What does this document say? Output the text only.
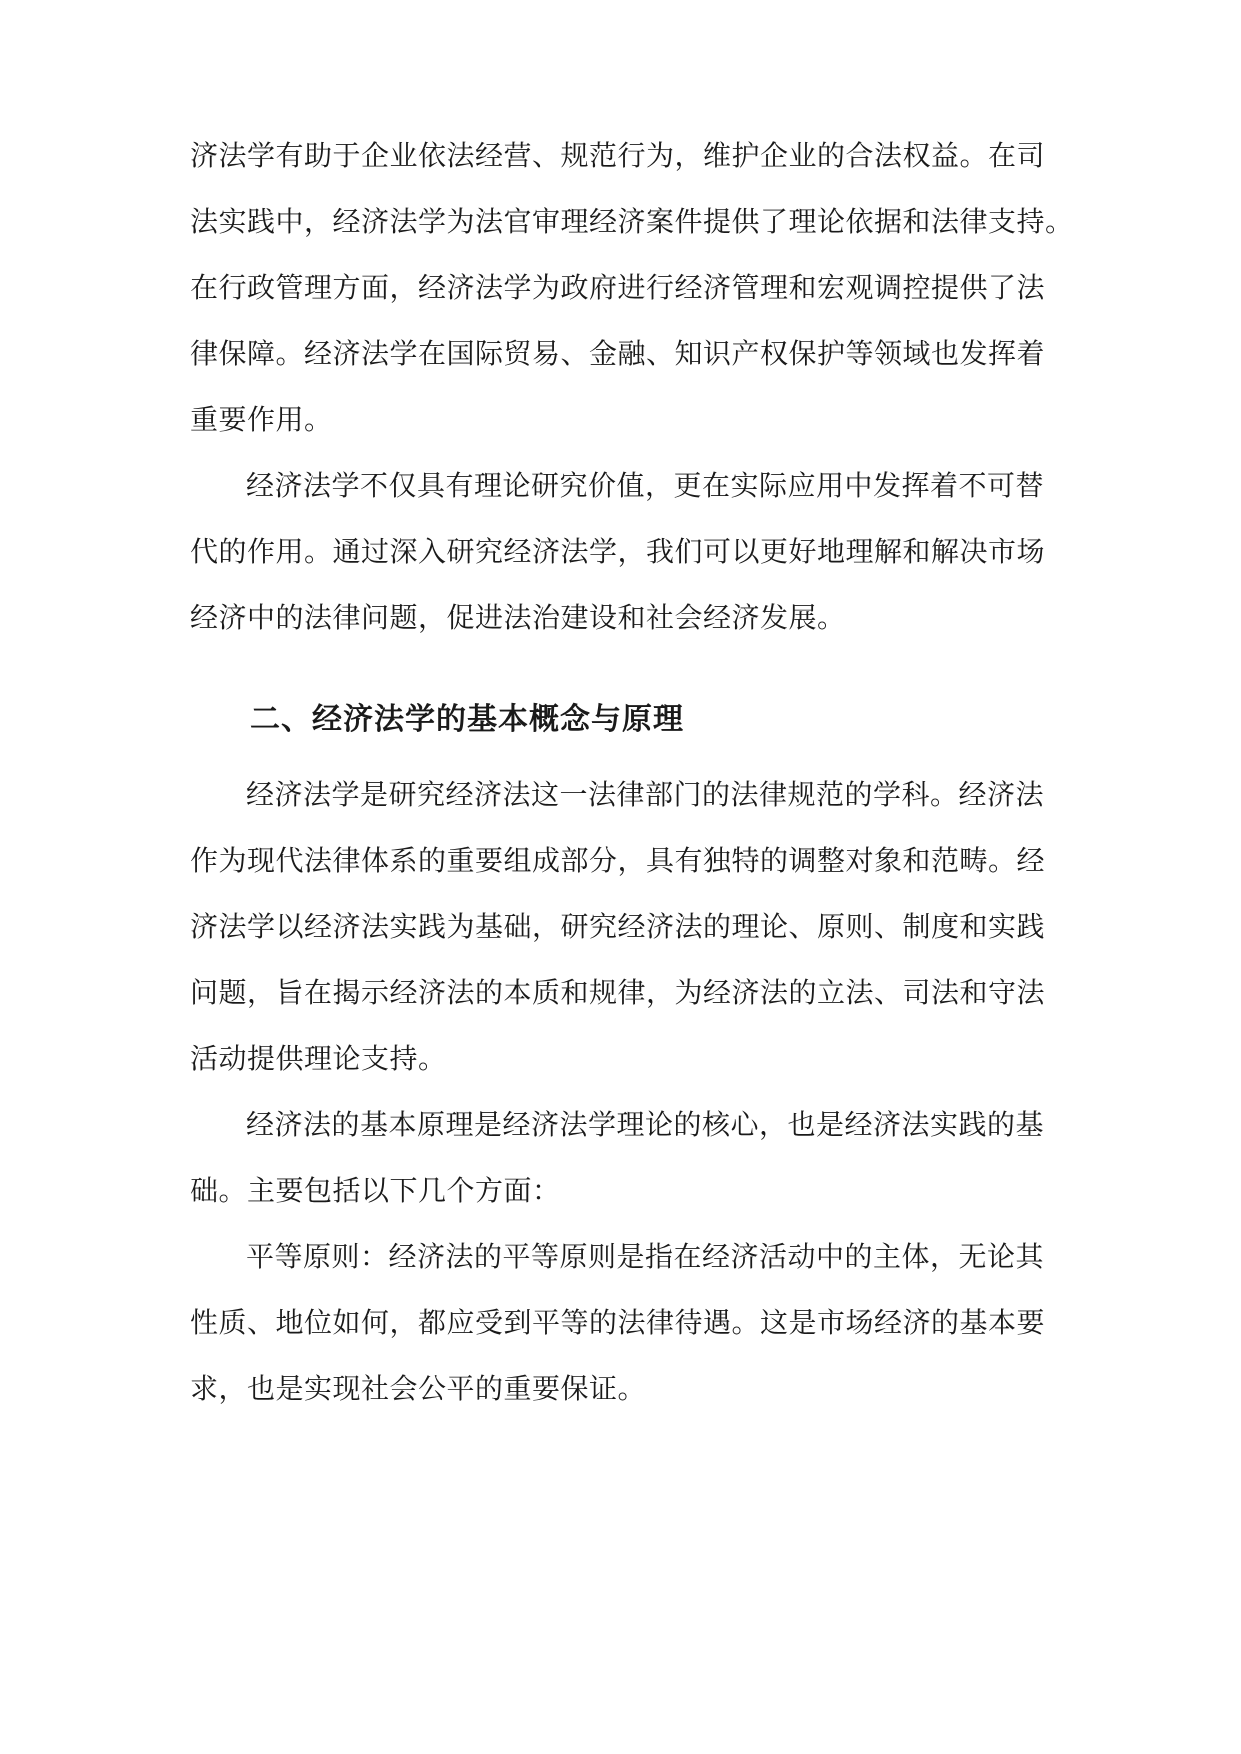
济法学有助于企业依法经营、规范行为，维护企业的合法权益。在司
法实践中，经济法学为法官审理经济案件提供了理论依据和法律支持。
在行政管理方面，经济法学为政府进行经济管理和宏观调控提供了法
律保障。经济法学在国际贸易、金融、知识产权保护等领域也发挥着
重要作用。
经济法学不仅具有理论研究价值，更在实际应用中发挥着不可替
代的作用。通过深入研究经济法学，我们可以更好地理解和解决市场
经济中的法律问题，促进法治建设和社会经济发展。
二、经济法学的基本概念与原理
经济法学是研究经济法这一法律部门的法律规范的学科。经济法
作为现代法律体系的重要组成部分，具有独特的调整对象和范畴。经
济法学以经济法实践为基础，研究经济法的理论、原则、制度和实践
问题，旨在揭示经济法的本质和规律，为经济法的立法、司法和守法
活动提供理论支持。
经济法的基本原理是经济法学理论的核心，也是经济法实践的基
础。主要包括以下几个方面：
平等原则：经济法的平等原则是指在经济活动中的主体，无论其
性质、地位如何，都应受到平等的法律待遇。这是市场经济的基本要
求，也是实现社会公平的重要保证。
